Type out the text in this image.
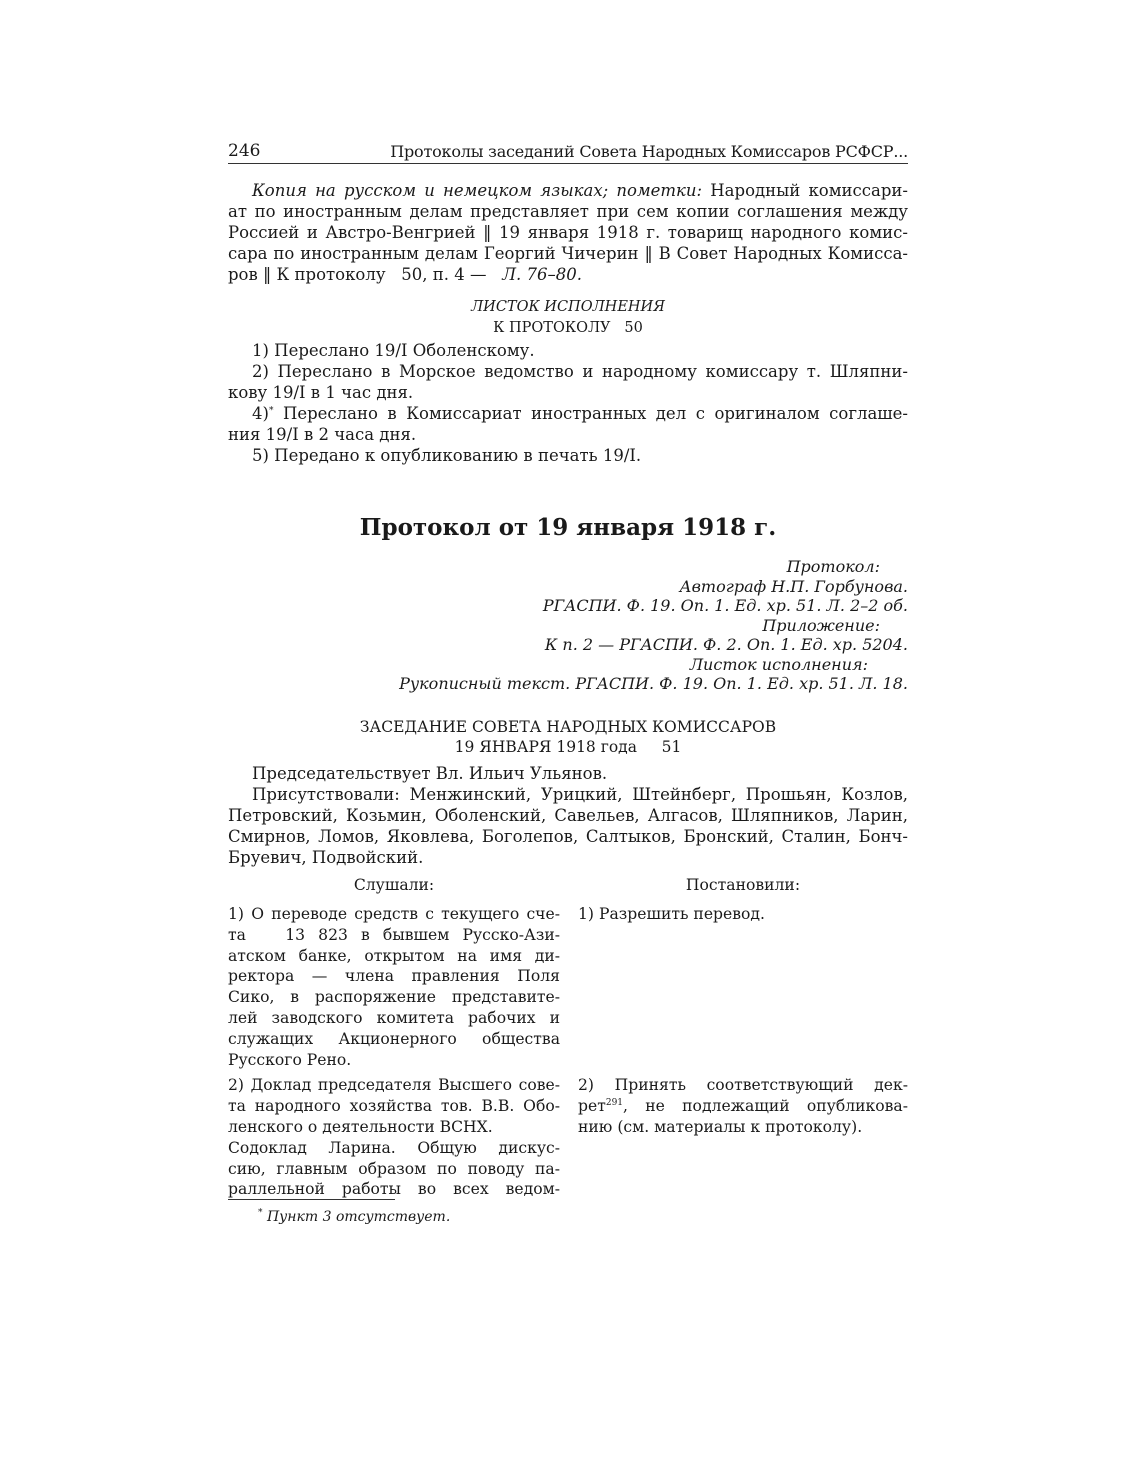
246	Протоколы заседаний Совета Народных Комиссаров РСФСР...
Копия на русском и немецком языках; пометки: Народный комиссари-
ат по иностранным делам представляет при сем копии соглашения между
Россией и Австро-Венгрией ‖ 19 января 1918 г. товарищ народного комис-
сара по иностранным делам Георгий Чичерин ‖ В Совет Народных Комисса-
ров ‖ К протоколу   50, п. 4 —   Л. 76–80.
ЛИСТОК ИСПОЛНЕНИЯ
К ПРОТОКОЛУ   50
1) Переслано 19/I Оболенскому.
2) Переслано в Морское ведомство и народному комиссару т. Шляпни-
кову 19/I в 1 час дня.
4)* Переслано в Комиссариат иностранных дел с оригиналом соглаше-
ния 19/I в 2 часа дня.
5) Передано к опубликованию в печать 19/I.
Протокол от 19 января 1918 г.
Протокол:
Автограф Н.П. Горбунова.
РГАСПИ. Ф. 19. Оп. 1. Ед. хр. 51. Л. 2–2 об.
Приложение:
К п. 2 — РГАСПИ. Ф. 2. Оп. 1. Ед. хр. 5204.
Листок исполнения:
Рукописный текст. РГАСПИ. Ф. 19. Оп. 1. Ед. хр. 51. Л. 18.
ЗАСЕДАНИЕ СОВЕТА НАРОДНЫХ КОМИССАРОВ
19 ЯНВАРЯ 1918 года     51
Председательствует Вл. Ильич Ульянов.
Присутствовали: Менжинский, Урицкий, Штейнберг, Прошьян, Козлов,
Петровский, Козьмин, Оболенский, Савельев, Алгасов, Шляпников, Ларин,
Смирнов, Ломов, Яковлева, Боголепов, Салтыков, Бронский, Сталин, Бонч-
Бруевич, Подвойский.
Слушали:
1) О переводе средств с текущего сче-
та   13 823 в бывшем Русско-Ази-
атском банке, открытом на имя ди-
ректора — члена правления Поля
Сико, в распоряжение представите-
лей заводского комитета рабочих и
служащих Акционерного общества
Русского Рено.
2) Доклад председателя Высшего сове-
та народного хозяйства тов. В.В. Обо-
ленского о деятельности ВСНХ.
Содоклад Ларина. Общую дискус-
сию, главным образом по поводу па-
раллельной работы во всех ведом-
Постановили:
1) Разрешить перевод.
2) Принять соответствующий дек-
рет$^{291}$, не подлежащий опубликова-
нию (см. материалы к протоколу).
* Пункт 3 отсутствует.
